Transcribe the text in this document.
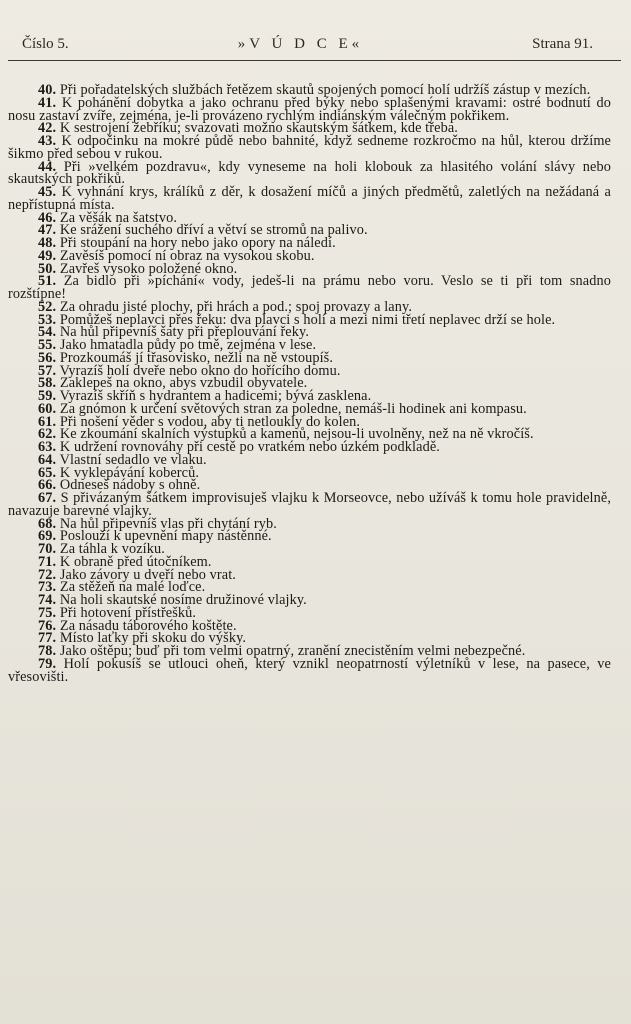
Číslo 5.	»V Ú D C E«	Strana 91.

40. Při pořadatelských službách řetězem skautů spojených pomocí holí udržíš zástup v mezích.

41. K pohánění dobytka a jako ochranu před býky nebo splašenými kravami: ostré bodnutí do nosu zastaví zvíře, zejména, je-li provázeno rychlým indiánským válečným pokřikem.

42. K sestrojení žebříku; svazovati možno skautským šátkem, kde třeba.

43. K odpočinku na mokré půdě nebo bahnité, když sedneme rozkročmo na hůl, kterou držíme šikmo před sebou v rukou.

44. Při »velkém pozdravu«, kdy vyneseme na holi klobouk za hlasitého volání slávy nebo skautských pokřiků.

45. K vyhnání krys, králíků z děr, k dosažení míčů a jiných předmětů, zaletlých na nežádaná a nepřístupná místa.

46. Za věšák na šatstvo.

47. Ke srážení suchého dříví a větví se stromů na palivo.

48. Při stoupání na hory nebo jako opory na náledí.

49. Zavěsíš pomocí ní obraz na vysokou skobu.

50. Zavřeš vysoko položené okno.

51. Za bidlo při »píchání« vody, jedeš-li na prámu nebo voru. Veslo se ti při tom snadno rozštípne!

52. Za ohradu jisté plochy, při hrách a pod.; spoj provazy a lany.

53. Pomůžeš neplavci přes řeku: dva plavci s holí a mezi nimi třetí neplavec drží se hole.

54. Na hůl připevníš šaty při přeplouvání řeky.

55. Jako hmatadla půdy po tmě, zejména v lese.

56. Prozkoumáš jí třasovisko, nežli na ně vstoupíš.

57. Vyrazíš holí dveře nebo okno do hořícího domu.

58. Zaklepeš na okno, abys vzbudil obyvatele.

59. Vyrazíš skříň s hydrantem a hadicemi; bývá zasklena.

60. Za gnómon k určení světových stran za poledne, nemáš-li hodinek ani kompasu.

61. Při nošení věder s vodou, aby ti netloukly do kolen.

62. Ke zkoumání skalních výstupků a kamenů, nejsou-li uvolněny, než na ně vkročíš.

63. K udržení rovnováhy při cestě po vratkém nebo úzkém podkladě.

64. Vlastní sedadlo ve vlaku.

65. K vyklepávání koberců.

66. Odneseš nádoby s ohně.

67. S přivázaným šátkem improvisuješ vlajku k Morseovce, nebo užíváš k tomu hole pravidelně, navazuje barevné vlajky.

68. Na hůl připevníš vlas při chytání ryb.

69. Poslouží k upevnění mapy nástěnné.

70. Za táhla k vozíku.

71. K obraně před útočníkem.

72. Jako závory u dveří nebo vrat.

73. Za stěžeň na malé loďce.

74. Na holi skautské nosíme družinové vlajky.

75. Při hotovení přístřešků.

76. Za násadu táborového koštěte.

77. Místo laťky při skoku do výšky.

78. Jako oštěpu; buď při tom velmi opatrný, zranění znecistěním velmi nebezpečné.

79. Holí pokusíš se utlouci oheň, který vznikl neopatrností výletníků v lese, na pasece, ve vřesovišti.
